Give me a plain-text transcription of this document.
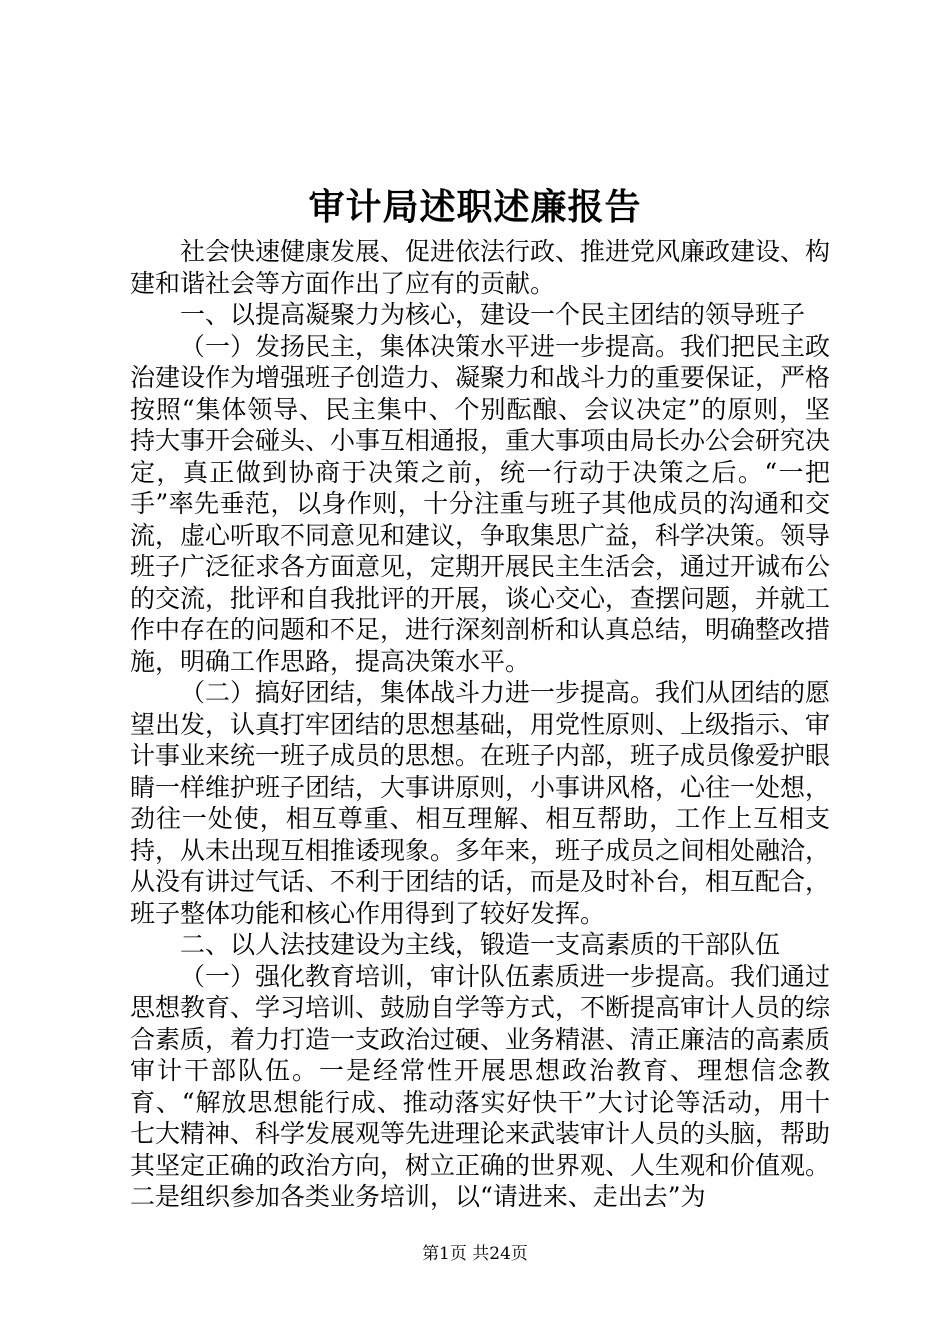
审计局述职述廉报告

社会快速健康发展、促进依法行政、推进党风廉政建设、构建和谐社会等方面作出了应有的贡献。

一、以提高凝聚力为核心，建设一个民主团结的领导班子

（一）发扬民主，集体决策水平进一步提高。我们把民主政治建设作为增强班子创造力、凝聚力和战斗力的重要保证，严格按照“集体领导、民主集中、个别酝酿、会议决定”的原则，坚持大事开会碰头、小事互相通报，重大事项由局长办公会研究决定，真正做到协商于决策之前，统一行动于决策之后。“一把手”率先垂范，以身作则，十分注重与班子其他成员的沟通和交流，虚心听取不同意见和建议，争取集思广益，科学决策。领导班子广泛征求各方面意见，定期开展民主生活会，通过开诚布公的交流，批评和自我批评的开展，谈心交心，查摆问题，并就工作中存在的问题和不足，进行深刻剖析和认真总结，明确整改措施，明确工作思路，提高决策水平。

（二）搞好团结，集体战斗力进一步提高。我们从团结的愿望出发，认真打牢团结的思想基础，用党性原则、上级指示、审计事业来统一班子成员的思想。在班子内部，班子成员像爱护眼睛一样维护班子团结，大事讲原则，小事讲风格，心往一处想，劲往一处使，相互尊重、相互理解、相互帮助，工作上互相支持，从未出现互相推诿现象。多年来，班子成员之间相处融洽，从没有讲过气话、不利于团结的话，而是及时补台，相互配合，班子整体功能和核心作用得到了较好发挥。

二、以人法技建设为主线，锻造一支高素质的干部队伍

（一）强化教育培训，审计队伍素质进一步提高。我们通过思想教育、学习培训、鼓励自学等方式，不断提高审计人员的综合素质，着力打造一支政治过硬、业务精湛、清正廉洁的高素质审计干部队伍。一是经常性开展思想政治教育、理想信念教育、“解放思想能行成、推动落实好快干”大讨论等活动，用十七大精神、科学发展观等先进理论来武装审计人员的头脑，帮助其坚定正确的政治方向，树立正确的世界观、人生观和价值观。二是组织参加各类业务培训，以“请进来、走出去”为

第1页 共24页
